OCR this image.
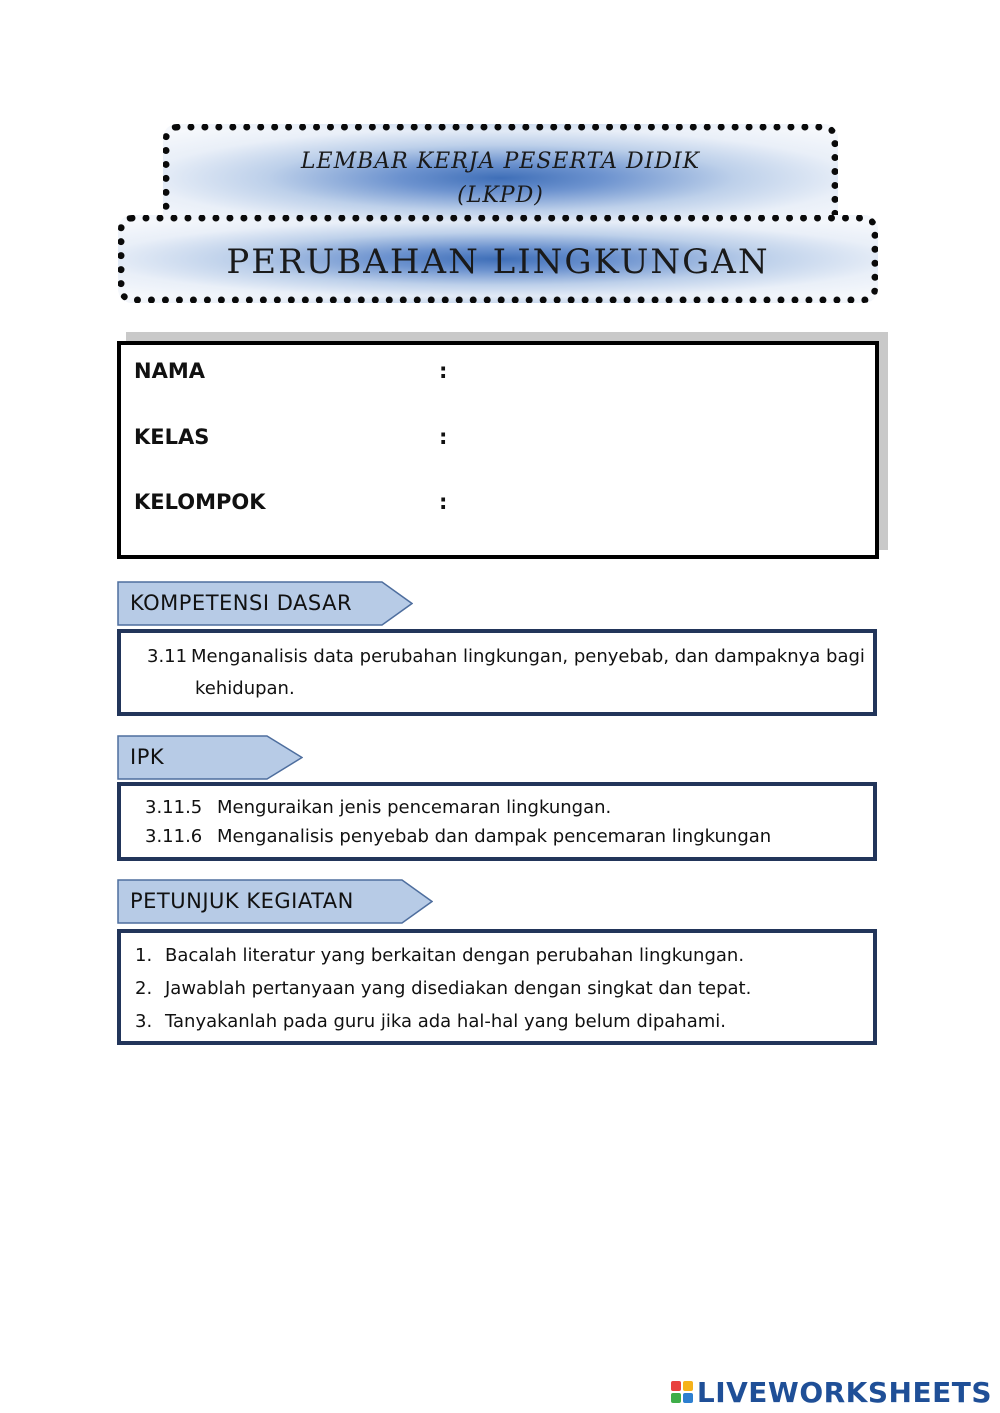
LEMBAR KERJA PESERTA DIDIK
(LKPD)
PERUBAHAN LINGKUNGAN
NAMA	:
KELAS	:
KELOMPOK	:
KOMPETENSI DASAR
3.11 Menganalisis data perubahan lingkungan, penyebab, dan dampaknya bagi
kehidupan.
IPK
3.11.5 Menguraikan jenis pencemaran lingkungan.
3.11.6 Menganalisis penyebab dan dampak pencemaran lingkungan
PETUNJUK KEGIATAN
1. Bacalah literatur yang berkaitan dengan perubahan lingkungan.
2. Jawablah pertanyaan yang disediakan dengan singkat dan tepat.
3. Tanyakanlah pada guru jika ada hal-hal yang belum dipahami.
LIVEWORKSHEETS
